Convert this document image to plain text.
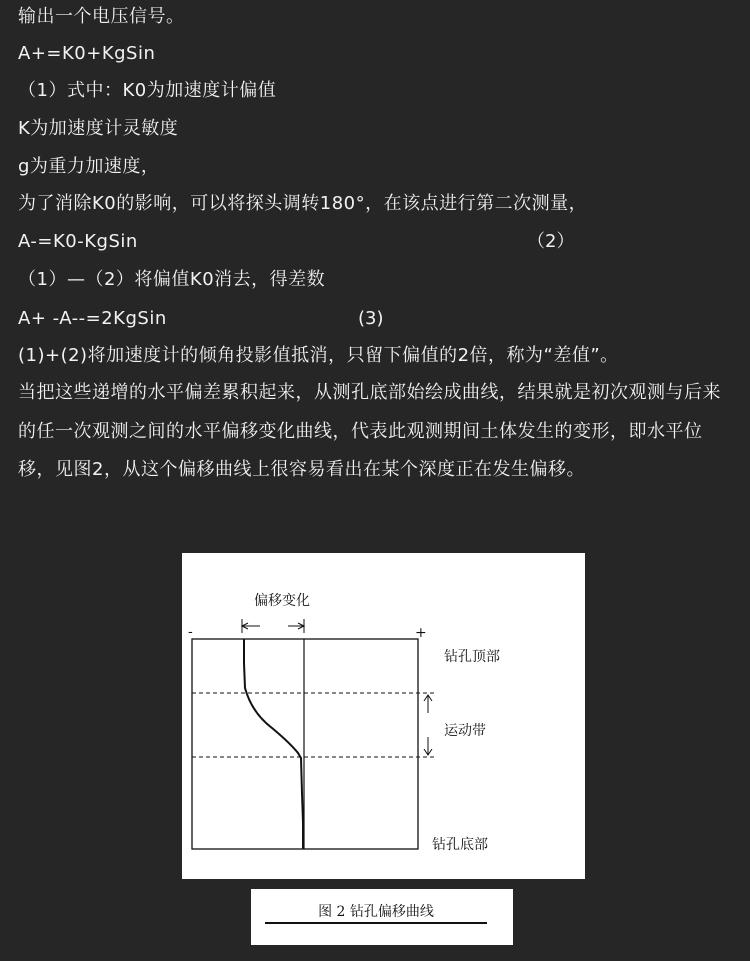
输出一个电压信号。
A+=K0+KgSin
（1）式中：K0为加速度计偏值
K为加速度计灵敏度
g为重力加速度，
为了消除K0的影响，可以将探头调转180°，在该点进行第二次测量，
A-=K0-KgSin	（2）
（1）—（2）将偏值K0消去，得差数
A+ -A--=2KgSin	(3)
(1)+(2)将加速度计的倾角投影值抵消，只留下偏值的2倍，称为“差值”。
当把这些递增的水平偏差累积起来，从测孔底部始绘成曲线，结果就是初次观测与后来的任一次观测之间的水平偏移变化曲线，代表此观测期间土体发生的变形，即水平位移，见图2，从这个偏移曲线上很容易看出在某个深度正在发生偏移。
偏移变化
-	+
钻孔顶部
运动带
钻孔底部
图 2 钻孔偏移曲线
